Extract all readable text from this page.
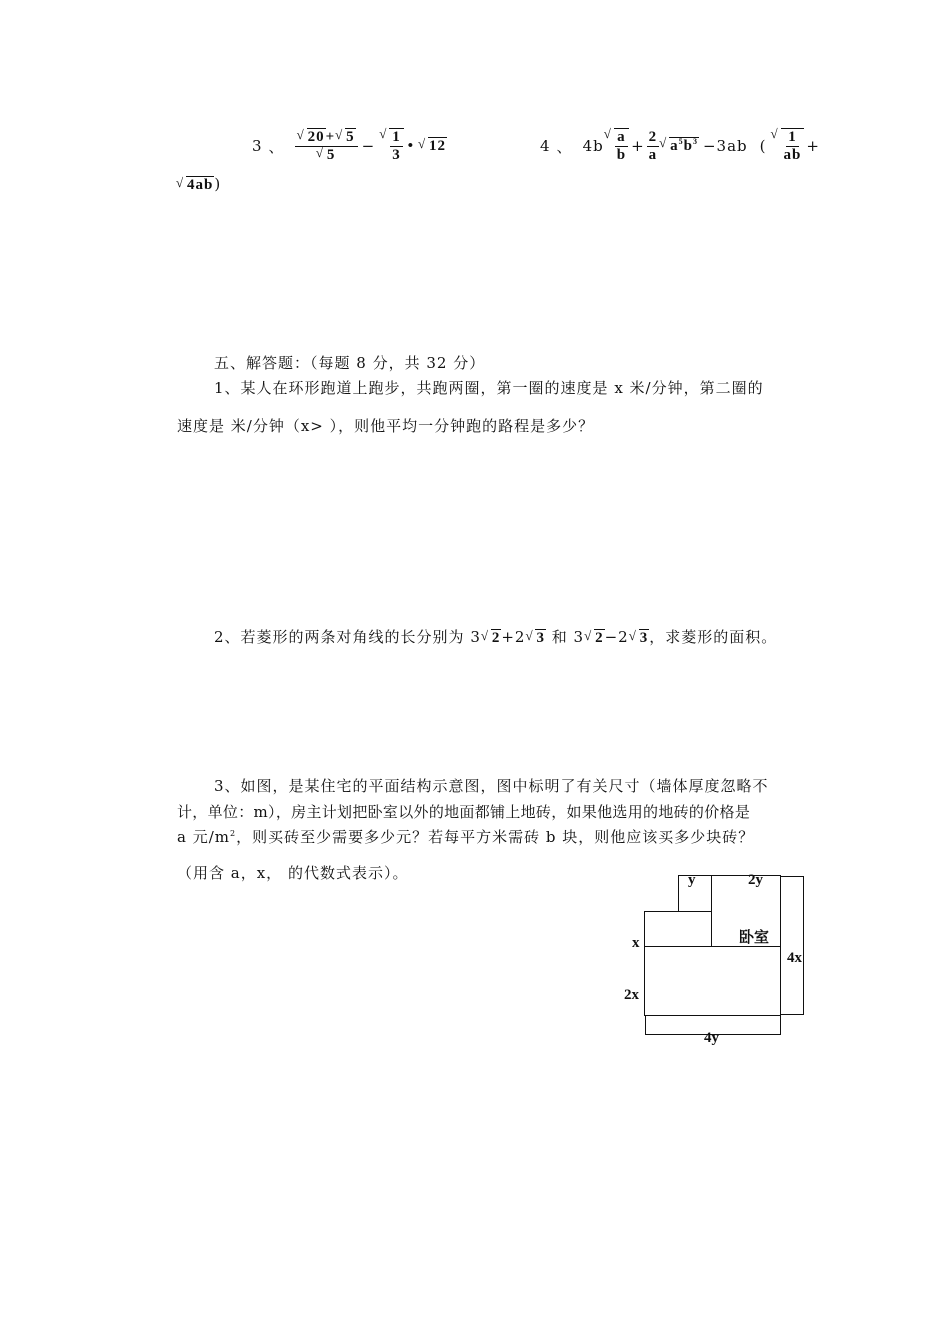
3 、 √ 20+ √ 5
√ 5 − √ $\frac{1}{3}$ •	√ 12	4 、 4b √ $\frac{a}{b} + \frac{2}{a}$ √ $a^5b^3 -3ab$ ( √ $\frac{1}{ab}$ +
√ 4ab)
五、解答题：（每题 8 分，共 32 分）
1、某人在环形跑道上跑步，共跑两圈，第一圈的速度是 x 米/分钟，第二圈的
速度是 米/分钟（x> ），则他平均一分钟跑的路程是多少？
2、若菱形的两条对角线的长分别为 3 √ 2+2 √ 3 和 3 √ 2−2 √ 3，求菱形的面积。
3、如图，是某住宅的平面结构示意图，图中标明了有关尺寸（墙体厚度忽略不
计，单位：m），房主计划把卧室以外的地面都铺上地砖，如果他选用的地砖的价格是
a 元$/m^2$，则买砖至少需要多少元？若每平方米需砖 b 块，则他应该买多少块砖？
（用含 a，x， 的代数式表示）。	y	2y
卧室
x
4x
2x
4y
